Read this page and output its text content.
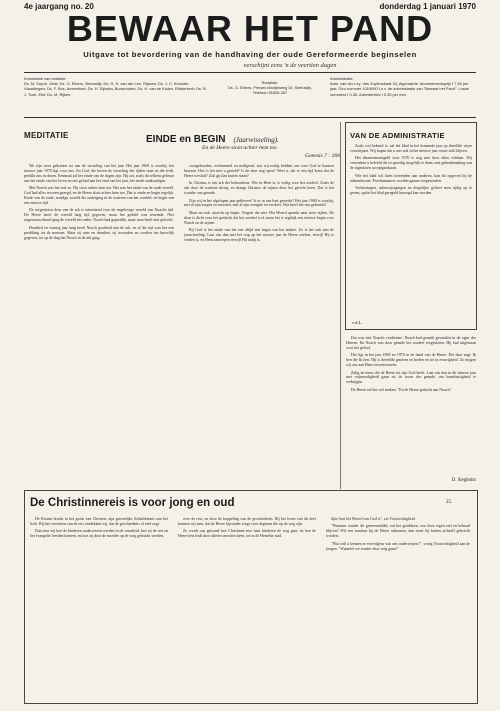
4e jaargang no. 20	donderdag 1 januari 1970
BEWAAR HET PAND
Uitgave tot bevordering van de handhaving der oude Gereformeerde beginselen
verschijnt eens 'n de veertien dagen

Kommissie van redaktie:

Ds. M. Dupré, Zeist; Ds. G. Elbers, Sleeuwijk; Ds. H. H. van der Lee, Rijssen; Ds. J. C. Klooster, Vlaardingen; Ds. F. Bos, Amersfoort; Ds. H. Dijkstra, Bunschoten; Ds. H. van de Kuilen, Ridderkerk; Ds. R. J. Tuck, Elst; Ds. M. Rijken.

Redaktie:

Ds. G. Elbers, Prinses Marijkeweg 15, Sleeuwijk, Telefoon 01835-357

Administratie:

Adm. van der Ley, Van Zuylenstraat 34, Algeraarde. Abonnementsprijs f 7,50 per jaar. Giro-nummer 1019000 t.n.v. de administratie van "Bewaar het Pand". Losse nummers f 0,35. Advertenties f 0,35 per mm.

MEDITATIE	EINDE en BEGIN (Jaarwisseling).
En de Heere sloot achter hem toe.
Genesis 7 : 16b

We zijn weer gekomen tot aan de wisseling van het jaar. Het jaar 1969 is voorbij, het nieuwe jaar 1970 ligt voor ons. En God, die boven de wisseling der tijden staat en die leidt, predikt ons in dezen. Eenmaal zal het einde van de dagen zijn. Hij zal, zoals dit telkens gebeurt aan het einde van het leven en ons geluid aan het eind van het jaar, het einde aankondigen.

Met Noach was het ook zo. Hij sloot achter hem toe. Het was het einde van de oude wereld. God had alles tevoren gezegd, en de Heere sloot achter hem toe. Dat is einde en begin tegelijk. Einde van de oude, zondige wereld die onderging in de wateren van het oordeel, en begin van een nieuwe tijd.

De toegesloten deur van de ark is ontzettend voor de ongelovige wereld van Noachs tijd. De Heere heeft de wereld lang tijd gegeven, maar het geduld was teneinde. Niet ongewaarschuwd ging de wereld ten onder. Noach had gepredikt, maar men heeft niet geloofd.

Honderd en twintig jaar lang heeft Noach gearbeid aan de ark, en al die tijd was het een prediking tot de mensen. Maar zij aten en dronken, zij trouwden en werden ten huwelijk gegeven, tot op de dag dat Noach in de ark ging.

voorgehouden, welmenend en nodigend, wat wij nodig hebben om voor God te kunnen bestaan. Hoe is het met u gesteld? Is de deur nog open? Weet u, dat er een tijd komt dat de Heere toesluit? Zult gij dan buiten staan?

In Christus is een ark der behoudenis. Wie in Hem is, is veilig voor het oordeel. Zoals de ark door de wateren droeg, zo draagt Christus de zijnen door het gericht heen. Dat is het wonder van genade.

Zijn wij in het afgelopen jaar gebleven? Is er in ons hart gewerkt? Het jaar 1969 is voorbij, met al zijn zorgen en moeiten, met al zijn vreugde en verdriet. Wat heeft het ons gebracht?

Maar nu ook: uitzicht op begin. Vergeet dat niet. Het Woord spreekt naar twee zijden. De deur is dicht voor het geslacht dat het oordeel trof, maar het is tegelijk een nieuwe begin voor Noach en de zijnen.

Bij God is het einde van het ene altijd een begin van het andere. Zo is het ook met de jaarwisseling. Laat ons dan met het oog op het nieuwe jaar de Heere zoeken, terwijl Hij te vinden is, en Hem aanroepen terwijl Hij nabij is.

VAN DE ADMINISTRATIE

Zoals wel bekend is, zal het blad in het komende jaar op dezelfde wijze verschijnen. Wij hopen dat u ons ook in het nieuwe jaar trouw zult blijven.

Het abonnementsgeld voor 1970 is nog niet door allen voldaan. Wij verzoeken u beleefd dit zo spoedig mogelijk te doen, met gebruikmaking van de ingesloten acceptgirokaart.

Wie het blad wil laten toezenden aan anderen, kan dit opgeven bij de administratie. Proefnummers worden gaarne toegezonden.

Verhuizingen, adreswijzigingen en dergelijke gelieve men tijdig op te geven, opdat het blad geregeld bezorgd kan worden.

v.d.L.

Dat was niet Noachs verdienste. Noach had genade gevonden in de ogen des Heeren. En Noach was door genade het oordeel toegesloten. Hij had uitgestaan voor het geloof.

Het ligt in het jaar 1969 en 1970 in de hand van de Heere. Die daar zegt: Ik ben die Ik ben. Hij is dezelfde gisteren en heden en tot in eeuwigheid. Zo mogen wij ons aan Hem toevertrouwen.

Zalig de mens die de Heere tot zijn God heeft. Laat ons dan in dit nieuwe jaar met vrijmoedigheid gaan tot de troon der genade, om barmhartigheid te verkrijgen.

De Heere zal het wel maken: "En de Heere gedacht aan Noach."

D. Siegbotm
De Christinnereis is voor jong en oud	25.

De Kennis bracht in het gezin van Christen, zijn geestelijke Schriftkennis aan het licht. Bij het overlezen van de reis ontdekken wij, dat de geschiedenis al veel zegt.

Dan zien wij hoe de kinderen onderwezen werden in de waarheid, hoe zij de wet en het evangelie leerden kennen, en hoe zij door de moeder op de weg gebracht werden.

over de reis, en door de koppeling van de geschiedenis. Bij het lezen van dit deel kunnen wij zien, dat de Heere bijzonder zorgt voor degenen die op de weg zijn.

Zo wordt ons getoond hoe Christinne met haar kinderen de weg gaat, en hoe de Heere hen leidt door allerlei moeiten heen, tot in de Hemelse stad.

lijke hart het Woord van God is", zei Voorzichtigheid.

"Wanneer zonder dit geneesmiddel, zul het goeddoen, zou deze eigen ziel en behoud blijven? Wil een zondaar bij de Heere uitkomen, dan moet hij buiten zichzelf gebracht worden.

"Wat wilt u kennen er vervolgens van ons onderwijzen?", vroeg Voorzichtigheid aan de jongen. "Wannéér we zonder deze weg gaan?"
